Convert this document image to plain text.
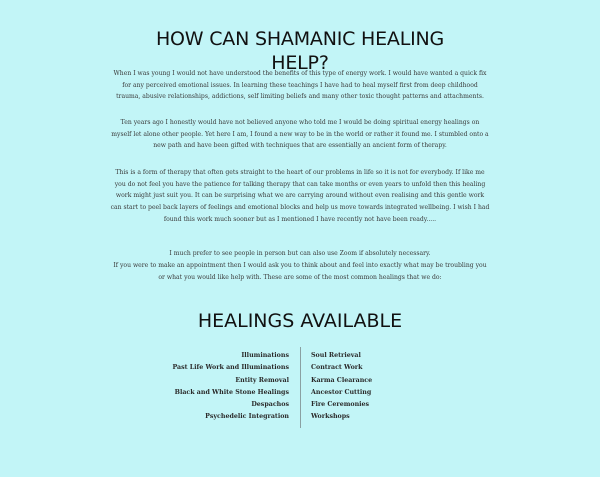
HOW CAN SHAMANIC HEALING HELP?

When I was young I would not have understood the benefits of this type of energy work. I would have wanted a quick fix for any perceived emotional issues. In learning these teachings I have had to heal myself first from deep childhood trauma, abusive relationships, addictions, self limiting beliefs and many other toxic thought patterns and attachments.

Ten years ago I honestly would have not believed anyone who told me I would be doing spiritual energy healings on myself let alone other people. Yet here I am, I found a new way to be in the world or rather it found me. I stumbled onto a new path and have been gifted with techniques that are essentially an ancient form of therapy.

This is a form of therapy that often gets straight to the heart of our problems in life so it is not for everybody. If like me you do not feel you have the patience for talking therapy that can take months or even years to unfold then this healing work might just suit you. It can be surprising what we are carrying around without even realising and this gentle work can start to peel back layers of feelings and emotional blocks and help us move towards integrated wellbeing. I wish I had found this work much sooner but as I mentioned I have recently not have been ready.....

I much prefer to see people in person but can also use Zoom if absolutely necessary.

If you were to make an appointment then I would ask you to think about and feel into exactly what may be troubling you or what you would like help with. These are some of the most common healings that we do:

HEALINGS AVAILABLE
Illuminations
Past Life Work and Illuminations
Entity Removal
Black and White Stone Healings
Despachos
Psychedelic Integration
Soul Retrieval
Contract Work
Karma Clearance
Ancestor Cutting
Fire Ceremonies
Workshops
